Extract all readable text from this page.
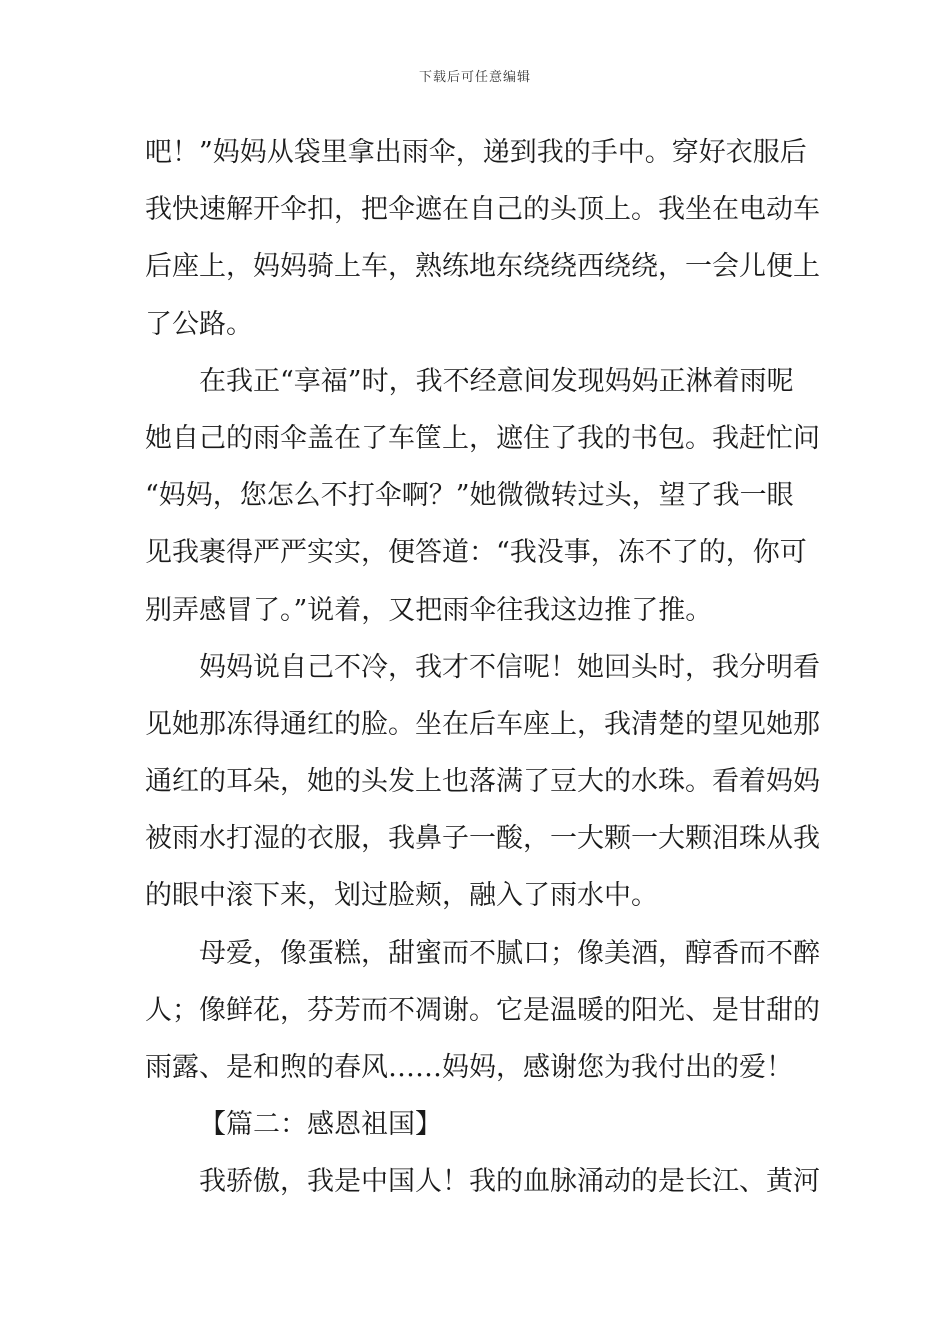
下载后可任意编辑
吧！”妈妈从袋里拿出雨伞，递到我的手中。穿好衣服后
我快速解开伞扣，把伞遮在自己的头顶上。我坐在电动车
后座上，妈妈骑上车，熟练地东绕绕西绕绕，一会儿便上
了公路。
在我正“享福”时，我不经意间发现妈妈正淋着雨呢
她自己的雨伞盖在了车筐上，遮住了我的书包。我赶忙问
“妈妈，您怎么不打伞啊？”她微微转过头，望了我一眼
见我裹得严严实实，便答道：“我没事，冻不了的，你可
别弄感冒了。”说着，又把雨伞往我这边推了推。
妈妈说自己不冷，我才不信呢！她回头时，我分明看
见她那冻得通红的脸。坐在后车座上，我清楚的望见她那
通红的耳朵，她的头发上也落满了豆大的水珠。看着妈妈
被雨水打湿的衣服，我鼻子一酸，一大颗一大颗泪珠从我
的眼中滚下来，划过脸颊，融入了雨水中。
母爱，像蛋糕，甜蜜而不腻口；像美酒，醇香而不醉
人；像鲜花，芬芳而不凋谢。它是温暖的阳光、是甘甜的
雨露、是和煦的春风……妈妈，感谢您为我付出的爱！
【篇二：感恩祖国】
我骄傲，我是中国人！我的血脉涌动的是长江、黄河
